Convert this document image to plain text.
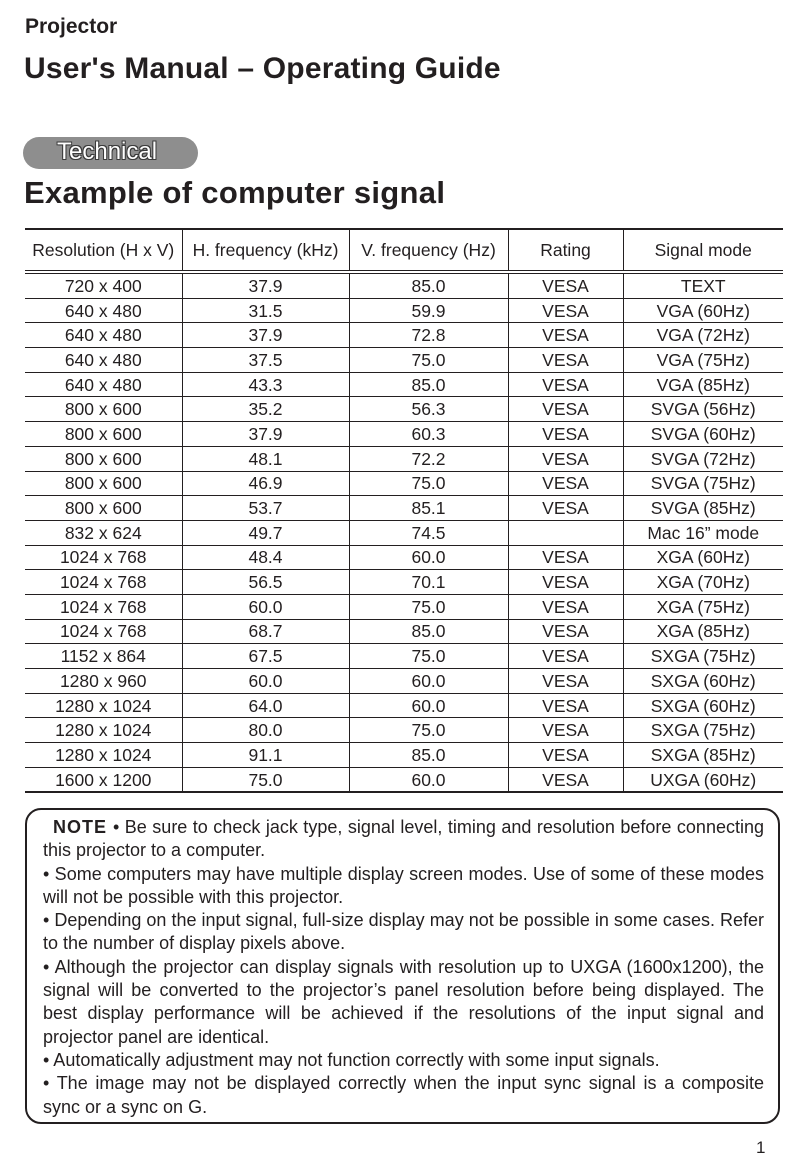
Projector
User's Manual – Operating Guide
Technical
Example of computer signal
Resolution (H x V)	H. frequency (kHz)	V. frequency (Hz)	Rating	Signal mode
720 x 400	37.9	85.0	VESA	TEXT
640 x 480	31.5	59.9	VESA	VGA (60Hz)
640 x 480	37.9	72.8	VESA	VGA (72Hz)
640 x 480	37.5	75.0	VESA	VGA (75Hz)
640 x 480	43.3	85.0	VESA	VGA (85Hz)
800 x 600	35.2	56.3	VESA	SVGA (56Hz)
800 x 600	37.9	60.3	VESA	SVGA (60Hz)
800 x 600	48.1	72.2	VESA	SVGA (72Hz)
800 x 600	46.9	75.0	VESA	SVGA (75Hz)
800 x 600	53.7	85.1	VESA	SVGA (85Hz)
832 x 624	49.7	74.5		Mac 16” mode
1024 x 768	48.4	60.0	VESA	XGA (60Hz)
1024 x 768	56.5	70.1	VESA	XGA (70Hz)
1024 x 768	60.0	75.0	VESA	XGA (75Hz)
1024 x 768	68.7	85.0	VESA	XGA (85Hz)
1152 x 864	67.5	75.0	VESA	SXGA (75Hz)
1280 x 960	60.0	60.0	VESA	SXGA (60Hz)
1280 x 1024	64.0	60.0	VESA	SXGA (60Hz)
1280 x 1024	80.0	75.0	VESA	SXGA (75Hz)
1280 x 1024	91.1	85.0	VESA	SXGA (85Hz)
1600 x 1200	75.0	60.0	VESA	UXGA (60Hz)

NOTE • Be sure to check jack type, signal level, timing and resolution before connecting this projector to a computer.

• Some computers may have multiple display screen modes. Use of some of these modes will not be possible with this projector.

• Depending on the input signal, full-size display may not be possible in some cases. Refer to the number of display pixels above.

• Although the projector can display signals with resolution up to UXGA (1600x1200), the signal will be converted to the projector’s panel resolution before being displayed. The best display performance will be achieved if the resolutions of the input signal and projector panel are identical.

• Automatically adjustment may not function correctly with some input signals.

• The image may not be displayed correctly when the input sync signal is a composite sync or a sync on G.

1
